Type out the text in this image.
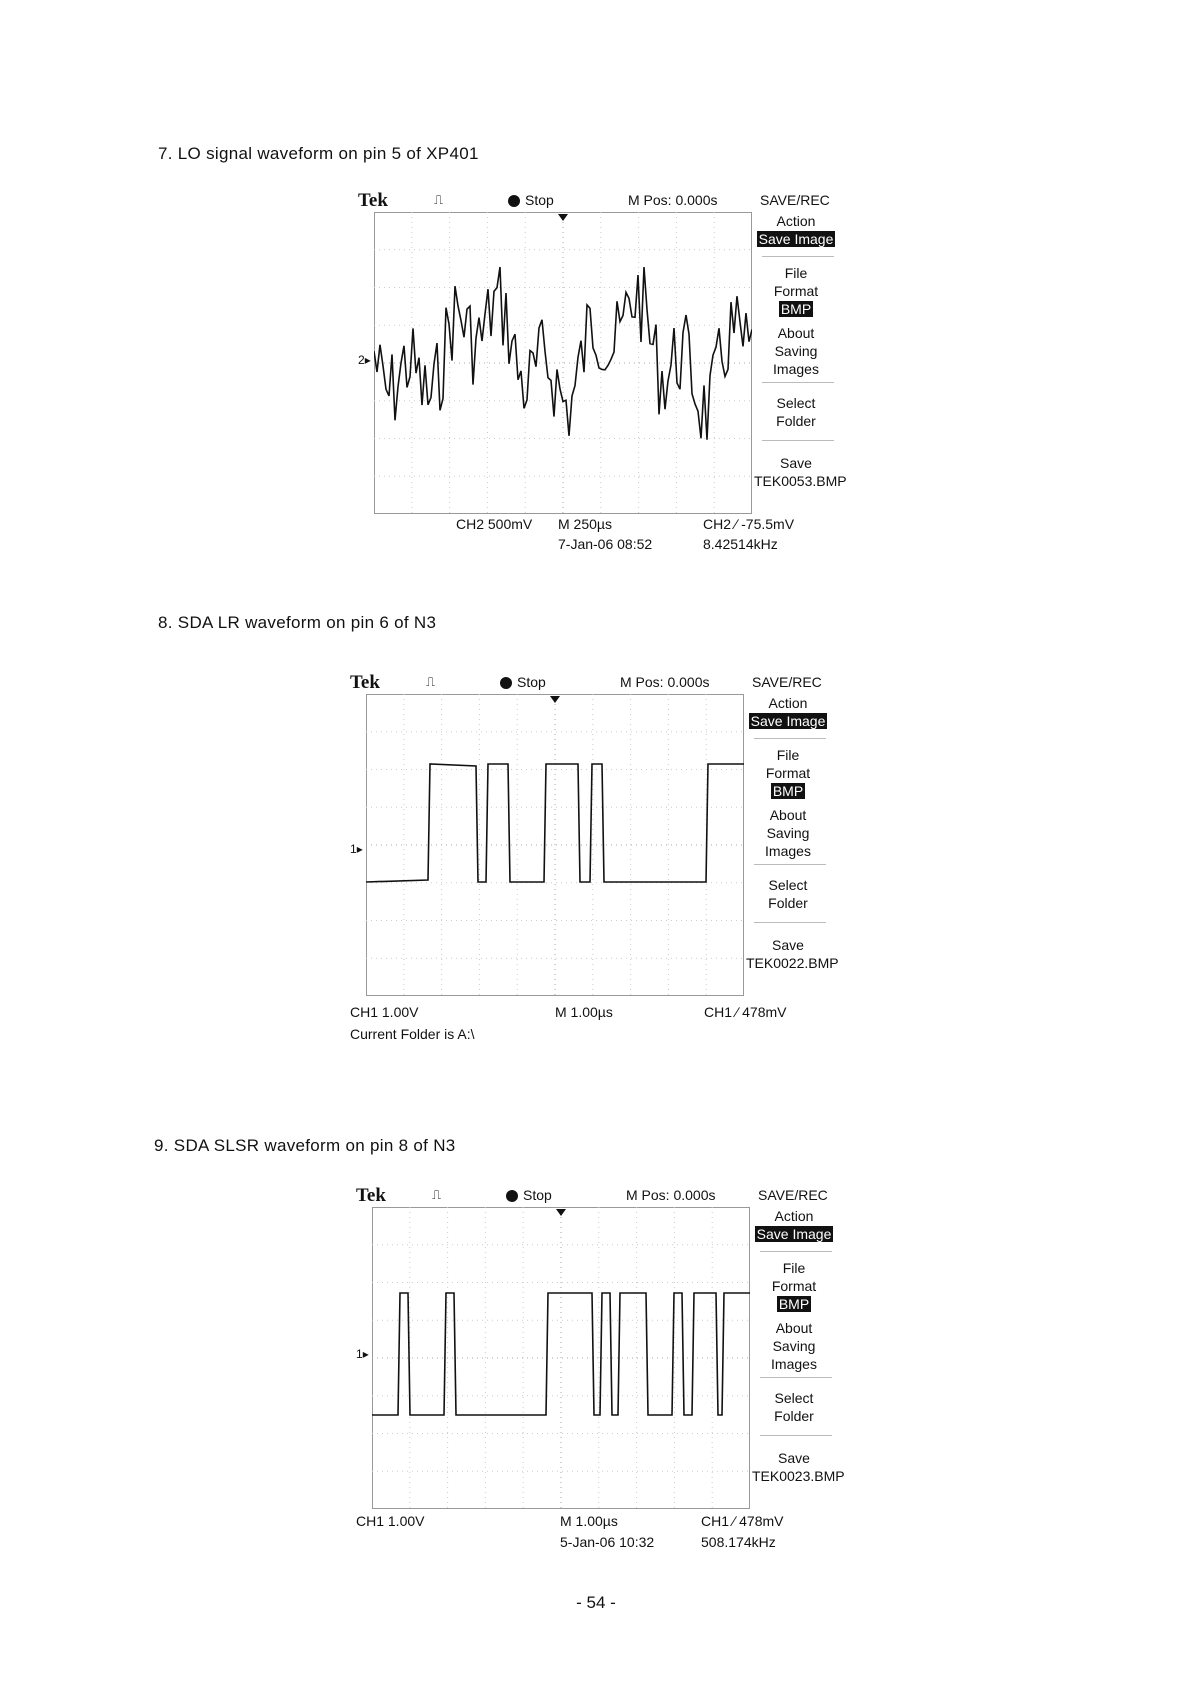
7. LO signal waveform on pin 5 of XP401
Tek	⎍	Stop	M Pos: 0.000s	SAVE/REC
2▸
Action
Save Image
File
Format
BMP
About
Saving
Images
Select
Folder
Save
TEK0053.BMP
CH2 500mV M 250µs	CH2 ∕ -75.5mV
7-Jan-06 08:52	8.42514kHz
8. SDA LR waveform on pin 6 of N3
Tek	⎍	Stop	M Pos: 0.000s	SAVE/REC
1▸
Action
Save Image
File
Format
BMP
About
Saving
Images
Select
Folder
Save
TEK0022.BMP
CH1 1.00V	M 1.00µs	CH1 ∕ 478mV
Current Folder is A:\
9. SDA SLSR waveform on pin 8 of N3
Tek	⎍	Stop	M Pos: 0.000s	SAVE/REC
1▸
Action
Save Image
File
Format
BMP
About
Saving
Images
Select
Folder
Save
TEK0023.BMP
CH1 1.00V	M 1.00µs	CH1 ∕ 478mV
5-Jan-06 10:32	508.174kHz
- 54 -
